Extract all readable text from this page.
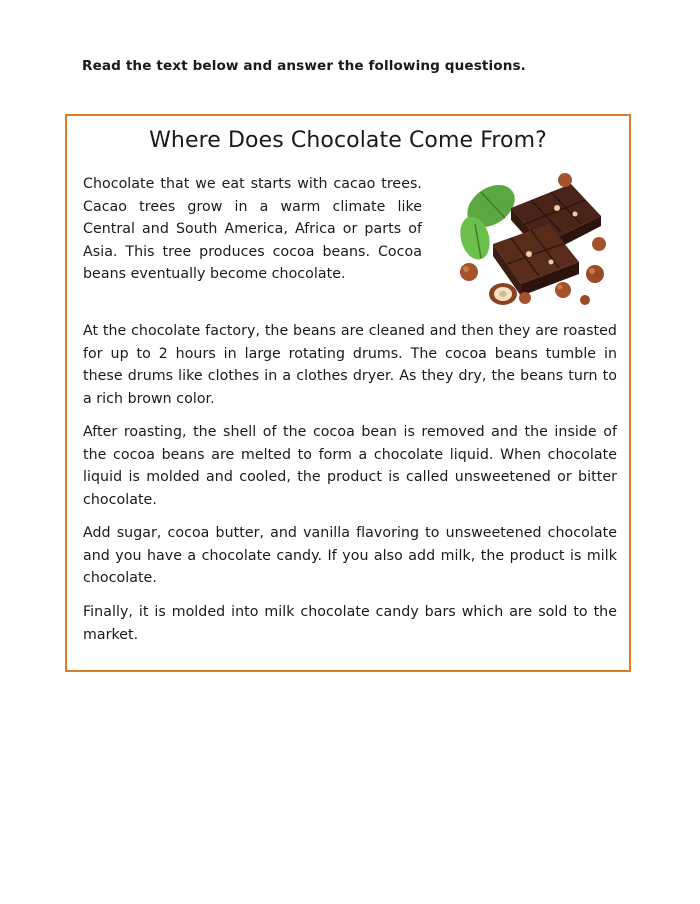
Read the text below and answer the following questions.
Where Does Chocolate Come From?

Chocolate that we eat starts with cacao trees. Cacao trees grow in a warm climate like Central and South America, Africa or parts of Asia. This tree produces cocoa beans. Cocoa beans eventually become chocolate.

At the chocolate factory, the beans are cleaned and then they are roasted for up to 2 hours in large rotating drums. The cocoa beans tumble in these drums like clothes in a clothes dryer. As they dry, the beans turn to a rich brown color.

After roasting, the shell of the cocoa bean is removed and the inside of the cocoa beans are melted to form a chocolate liquid. When chocolate liquid is molded and cooled, the product is called unsweetened or bitter chocolate.

Add sugar, cocoa butter, and vanilla flavoring to unsweetened chocolate and you have a chocolate candy. If you also add milk, the product is milk chocolate.

Finally, it is molded into milk chocolate candy bars which are sold to the market.
